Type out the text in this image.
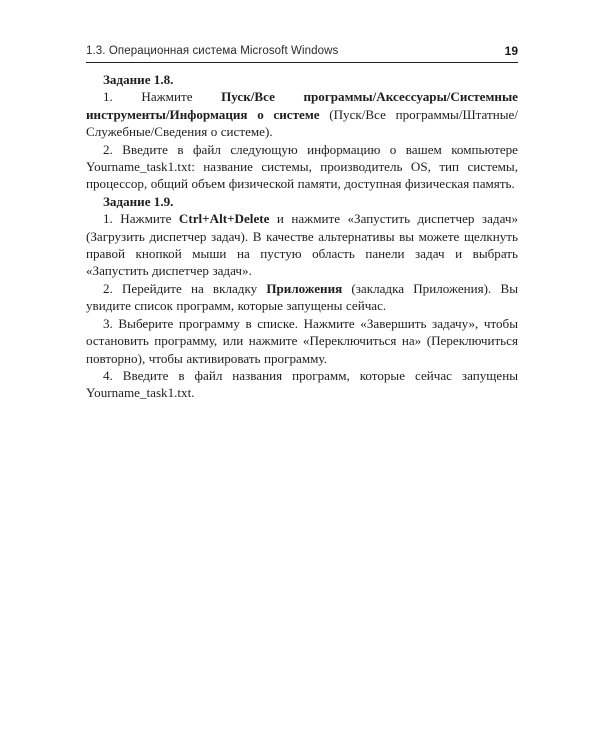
1.3. Операционная система Microsoft Windows	19

Задание 1.8.

1. Нажмите Пуск/Все программы/Аксессуары/Системные инструменты/Информация о системе (Пуск/Все программы/Штатные/Служебные/Сведения о системе).

2. Введите в файл следующую информацию о вашем компьютере Yourname_task1.txt: название системы, производитель OS, тип системы, процессор, общий объем физической памяти, доступная физическая память.

Задание 1.9.

1. Нажмите Ctrl+Alt+Delete и нажмите «Запустить диспетчер задач» (Загрузить диспетчер задач). В качестве альтернативы вы можете щелкнуть правой кнопкой мыши на пустую область панели задач и выбрать «Запустить диспетчер задач».

2. Перейдите на вкладку Приложения (закладка Приложения). Вы увидите список программ, которые запущены сейчас.

3. Выберите программу в списке. Нажмите «Завершить задачу», чтобы остановить программу, или нажмите «Переключиться на» (Переключиться повторно), чтобы активировать программу.

4. Введите в файл названия программ, которые сейчас запущены Yourname_task1.txt.
